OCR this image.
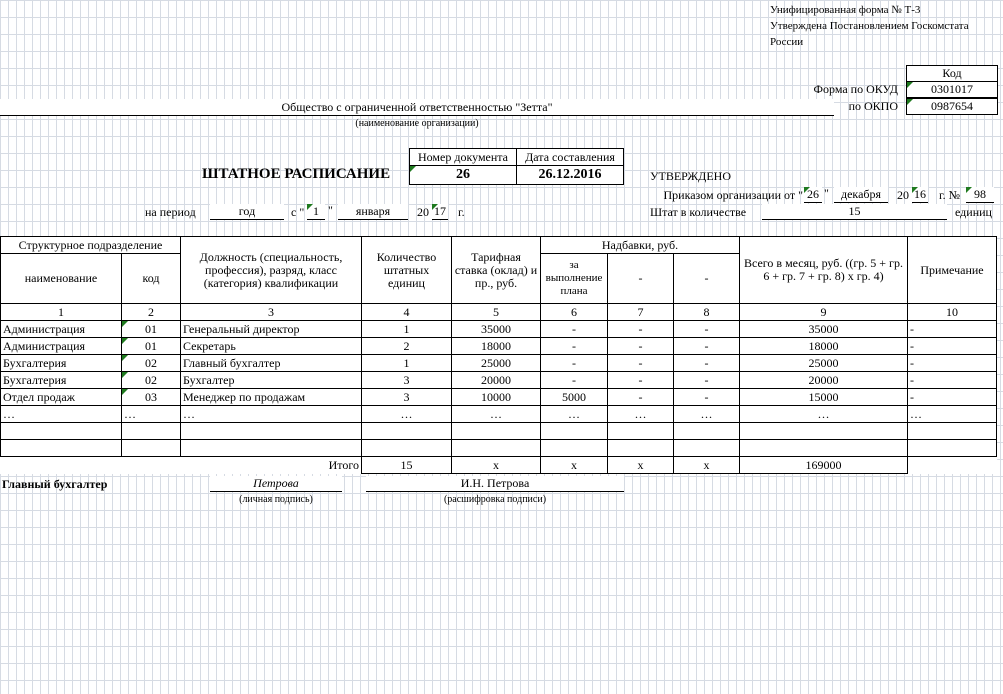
Унифицированная форма № Т-3
Утверждена Постановлением Госкомстата
России
Код
Форма по ОКУД	0301017
по ОКПО	0987654
Общество с ограниченной ответственностью "Зетта"
(наименование организации)
ШТАТНОЕ РАСПИСАНИЕ
Номер документа	Дата составления
26	26.12.2016	УТВЕРЖДЕНО
Приказом организации от " 26 "	декабря	20 16 г. №	98
Штат в количестве	15	единиц
на период	год	с " 1 "	января	20 17 г.
Структурное подразделение		Должность (специальность, профессия), разряд, класс (категория) квалификации	Количество штатных единиц	Тарифная ставка (оклад) и пр., руб.	Надбавки, руб.			Всего в месяц, руб. ((гр. 5 + гр. 6 + гр. 7 + гр. 8) х гр. 4)	Примечание
наименование	код				за выполнение плана	-	-		
1	2	3	4	5	6	7	8	9	10
Администрация	01	Генеральный директор	1	35000	-	-	-	35000	-
Администрация	01	Секретарь	2	18000	-	-	-	18000	-
Бухгалтерия	02	Главный бухгалтер	1	25000	-	-	-	25000	-
Бухгалтерия	02	Бухгалтер	3	20000	-	-	-	20000	-
Отдел продаж	03	Менеджер по продажам	3	10000	5000	-	-	15000	-
…	…	…	…	…	…	…	…	…	…

Итого			15	х	х	х	х	169000	
Главный бухгалтер	Петрова
(личная подпись)
И.Н. Петрова
(расшифровка подписи)
